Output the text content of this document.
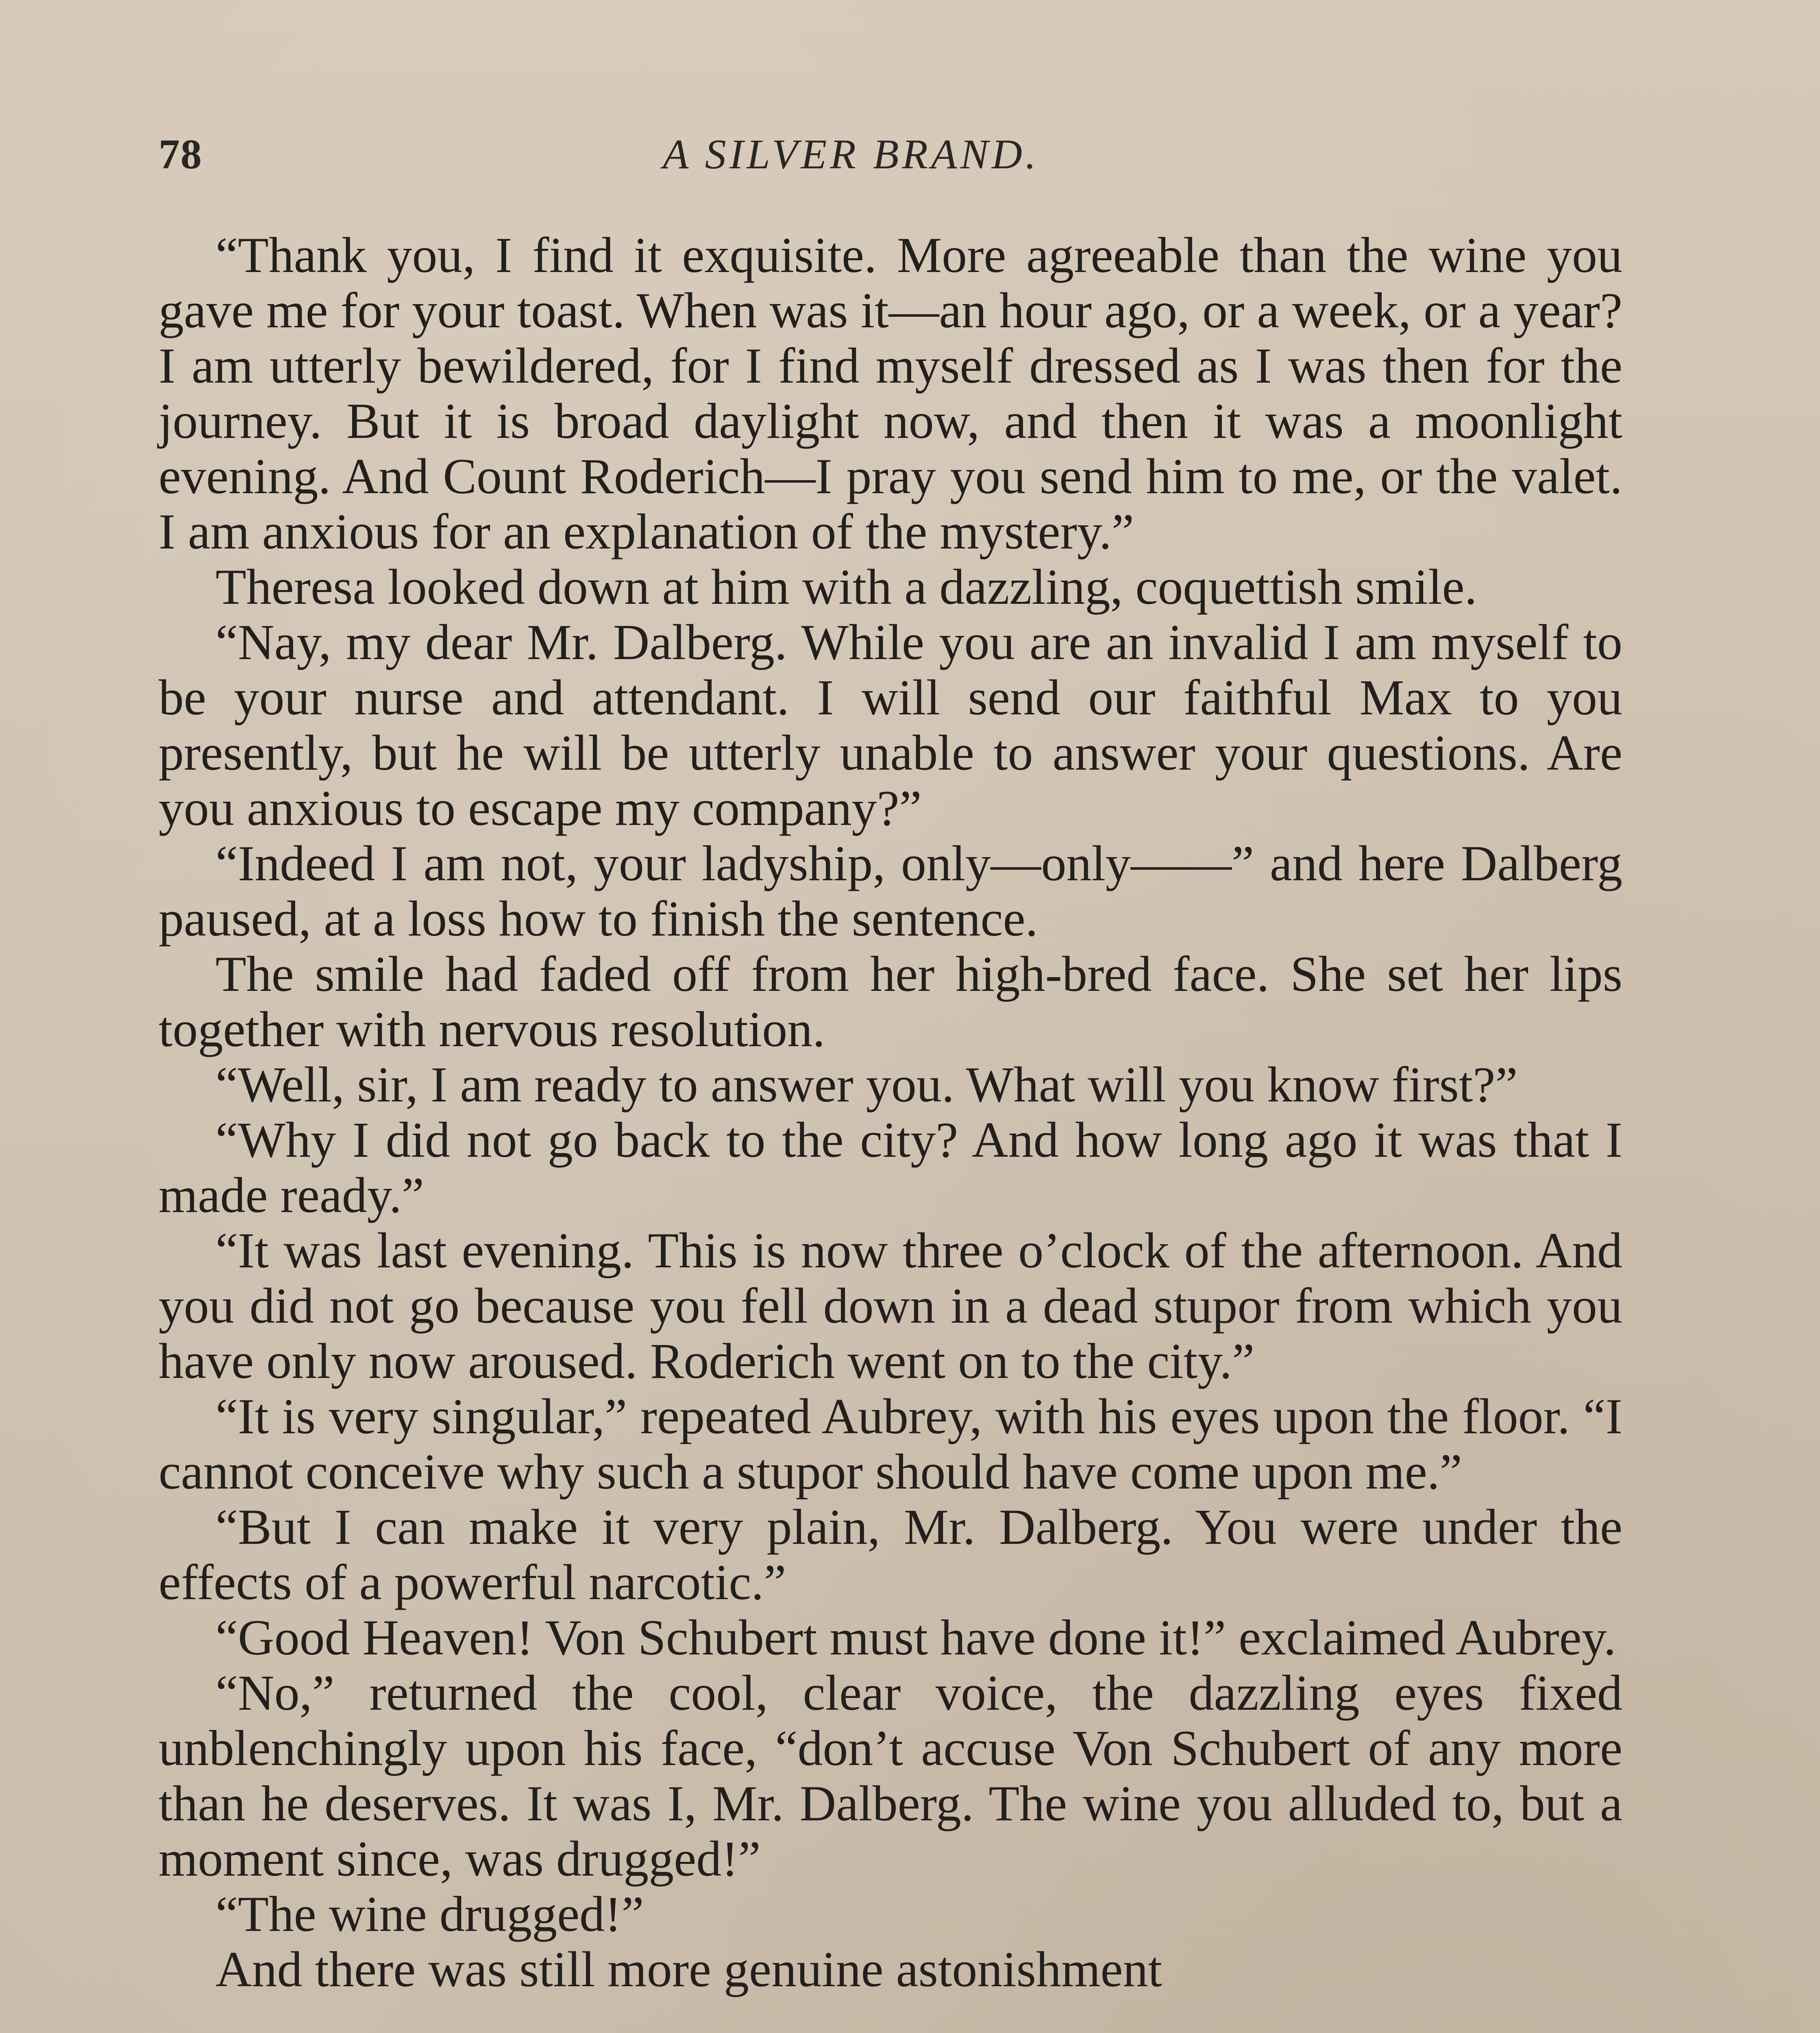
78	A SILVER BRAND.

“Thank you, I find it exquisite. More agreeable than the wine you gave me for your toast. When was it—an hour ago, or a week, or a year? I am utterly bewildered, for I find myself dressed as I was then for the journey. But it is broad daylight now, and then it was a moonlight evening. And Count Roderich—I pray you send him to me, or the valet. I am anxious for an explanation of the mystery.”

Theresa looked down at him with a dazzling, coquettish smile.

“Nay, my dear Mr. Dalberg. While you are an invalid I am myself to be your nurse and attendant. I will send our faithful Max to you presently, but he will be utterly unable to answer your questions. Are you anxious to escape my company?”

“Indeed I am not, your ladyship, only—only——” and here Dalberg paused, at a loss how to finish the sentence.

The smile had faded off from her high-bred face. She set her lips together with nervous resolution.

“Well, sir, I am ready to answer you. What will you know first?”

“Why I did not go back to the city? And how long ago it was that I made ready.”

“It was last evening. This is now three o’clock of the afternoon. And you did not go because you fell down in a dead stupor from which you have only now aroused. Roderich went on to the city.”

“It is very singular,” repeated Aubrey, with his eyes upon the floor. “I cannot conceive why such a stupor should have come upon me.”

“But I can make it very plain, Mr. Dalberg. You were under the effects of a powerful narcotic.”

“Good Heaven! Von Schubert must have done it!” exclaimed Aubrey.

“No,” returned the cool, clear voice, the dazzling eyes fixed unblenchingly upon his face, “don’t accuse Von Schubert of any more than he deserves. It was I, Mr. Dalberg. The wine you alluded to, but a moment since, was drugged!”

“The wine drugged!”

And there was still more genuine astonishment
